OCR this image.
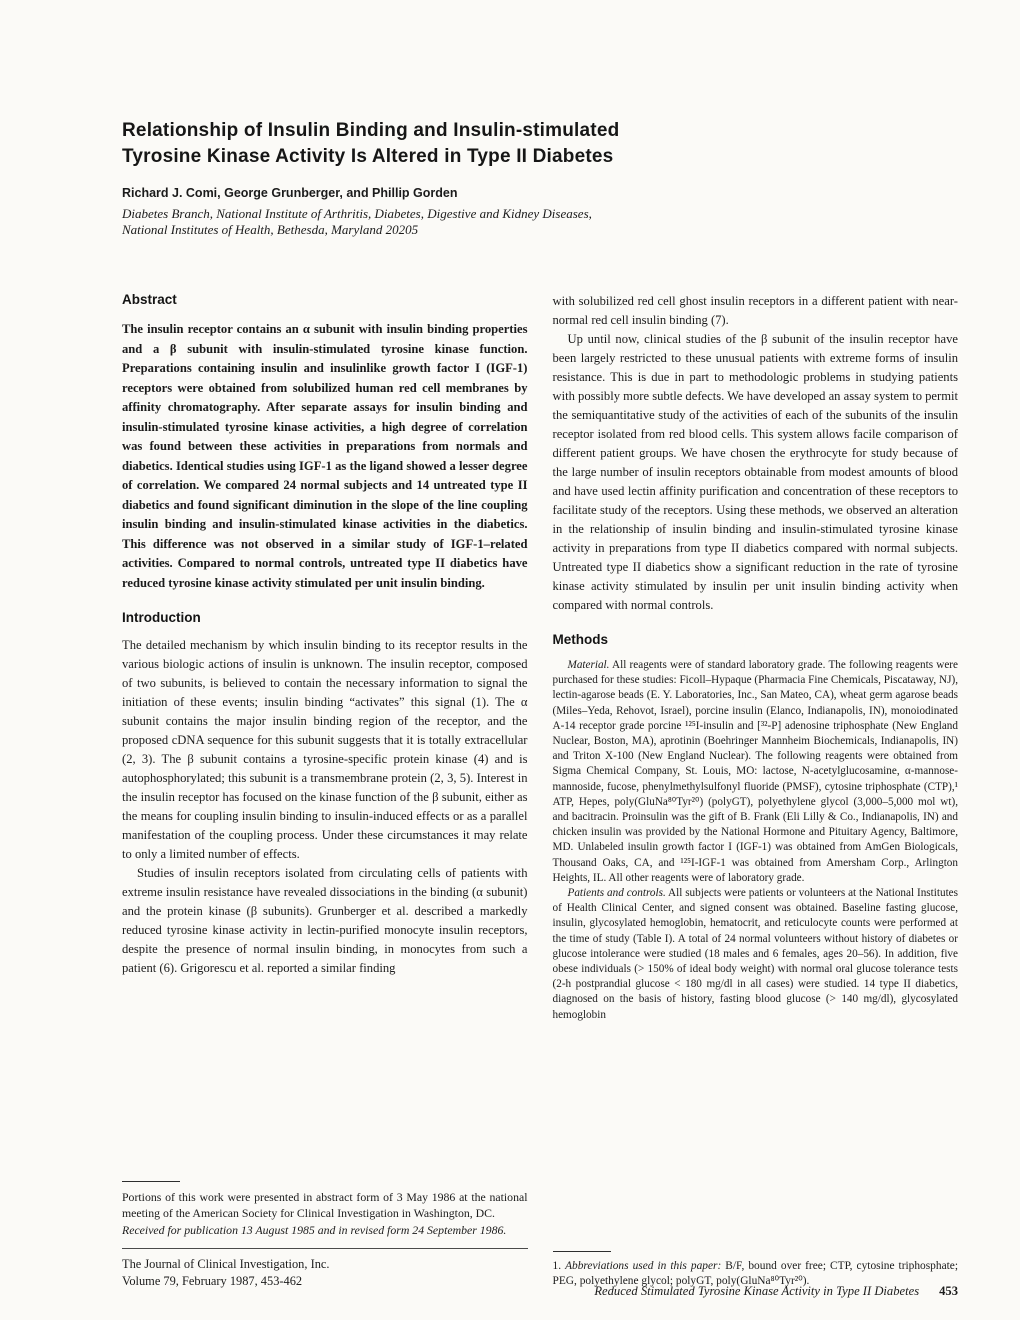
Relationship of Insulin Binding and Insulin-stimulated
Tyrosine Kinase Activity Is Altered in Type II Diabetes
Richard J. Comi, George Grunberger, and Phillip Gorden
Diabetes Branch, National Institute of Arthritis, Diabetes, Digestive and Kidney Diseases,
National Institutes of Health, Bethesda, Maryland 20205
Abstract

The insulin receptor contains an α subunit with insulin binding properties and a β subunit with insulin-stimulated tyrosine kinase function. Preparations containing insulin and insulinlike growth factor I (IGF-1) receptors were obtained from solubilized human red cell membranes by affinity chromatography. After separate assays for insulin binding and insulin-stimulated tyrosine kinase activities, a high degree of correlation was found between these activities in preparations from normals and diabetics. Identical studies using IGF-1 as the ligand showed a lesser degree of correlation. We compared 24 normal subjects and 14 untreated type II diabetics and found significant diminution in the slope of the line coupling insulin binding and insulin-stimulated kinase activities in the diabetics. This difference was not observed in a similar study of IGF-1–related activities. Compared to normal controls, untreated type II diabetics have reduced tyrosine kinase activity stimulated per unit insulin binding.

Introduction

The detailed mechanism by which insulin binding to its receptor results in the various biologic actions of insulin is unknown. The insulin receptor, composed of two subunits, is believed to contain the necessary information to signal the initiation of these events; insulin binding “activates” this signal (1). The α subunit contains the major insulin binding region of the receptor, and the proposed cDNA sequence for this subunit suggests that it is totally extracellular (2, 3). The β subunit contains a tyrosine-specific protein kinase (4) and is autophosphorylated; this subunit is a transmembrane protein (2, 3, 5). Interest in the insulin receptor has focused on the kinase function of the β subunit, either as the means for coupling insulin binding to insulin-induced effects or as a parallel manifestation of the coupling process. Under these circumstances it may relate to only a limited number of effects.

Studies of insulin receptors isolated from circulating cells of patients with extreme insulin resistance have revealed dissociations in the binding (α subunit) and the protein kinase (β subunits). Grunberger et al. described a markedly reduced tyrosine kinase activity in lectin-purified monocyte insulin receptors, despite the presence of normal insulin binding, in monocytes from such a patient (6). Grigorescu et al. reported a similar finding

Portions of this work were presented in abstract form of 3 May 1986 at the national meeting of the American Society for Clinical Investigation in Washington, DC.

Received for publication 13 August 1985 and in revised form 24 September 1986.

The Journal of Clinical Investigation, Inc.
Volume 79, February 1987, 453-462

with solubilized red cell ghost insulin receptors in a different patient with near-normal red cell insulin binding (7).

Up until now, clinical studies of the β subunit of the insulin receptor have been largely restricted to these unusual patients with extreme forms of insulin resistance. This is due in part to methodologic problems in studying patients with possibly more subtle defects. We have developed an assay system to permit the semiquantitative study of the activities of each of the subunits of the insulin receptor isolated from red blood cells. This system allows facile comparison of different patient groups. We have chosen the erythrocyte for study because of the large number of insulin receptors obtainable from modest amounts of blood and have used lectin affinity purification and concentration of these receptors to facilitate study of the receptors. Using these methods, we observed an alteration in the relationship of insulin binding and insulin-stimulated tyrosine kinase activity in preparations from type II diabetics compared with normal subjects. Untreated type II diabetics show a significant reduction in the rate of tyrosine kinase activity stimulated by insulin per unit insulin binding activity when compared with normal controls.

Methods

Material. All reagents were of standard laboratory grade. The following reagents were purchased for these studies: Ficoll–Hypaque (Pharmacia Fine Chemicals, Piscataway, NJ), lectin-agarose beads (E. Y. Laboratories, Inc., San Mateo, CA), wheat germ agarose beads (Miles–Yeda, Rehovot, Israel), porcine insulin (Elanco, Indianapolis, IN), monoiodinated A-14 receptor grade porcine ¹²⁵I-insulin and [³²-P] adenosine triphosphate (New England Nuclear, Boston, MA), aprotinin (Boehringer Mannheim Biochemicals, Indianapolis, IN) and Triton X-100 (New England Nuclear). The following reagents were obtained from Sigma Chemical Company, St. Louis, MO: lactose, N-acetylglucosamine, α-mannose-mannoside, fucose, phenylmethylsulfonyl fluoride (PMSF), cytosine triphosphate (CTP),¹ ATP, Hepes, poly(GluNa⁸⁰Tyr²⁰) (polyGT), polyethylene glycol (3,000–5,000 mol wt), and bacitracin. Proinsulin was the gift of B. Frank (Eli Lilly & Co., Indianapolis, IN) and chicken insulin was provided by the National Hormone and Pituitary Agency, Baltimore, MD. Unlabeled insulin growth factor I (IGF-1) was obtained from AmGen Biologicals, Thousand Oaks, CA, and ¹²⁵I-IGF-1 was obtained from Amersham Corp., Arlington Heights, IL. All other reagents were of laboratory grade.

Patients and controls. All subjects were patients or volunteers at the National Institutes of Health Clinical Center, and signed consent was obtained. Baseline fasting glucose, insulin, glycosylated hemoglobin, hematocrit, and reticulocyte counts were performed at the time of study (Table I). A total of 24 normal volunteers without history of diabetes or glucose intolerance were studied (18 males and 6 females, ages 20–56). In addition, five obese individuals (> 150% of ideal body weight) with normal oral glucose tolerance tests (2-h postprandial glucose < 180 mg/dl in all cases) were studied. 14 type II diabetics, diagnosed on the basis of history, fasting blood glucose (> 140 mg/dl), glycosylated hemoglobin

1. Abbreviations used in this paper: B/F, bound over free; CTP, cytosine triphosphate; PEG, polyethylene glycol; polyGT, poly(GluNa⁸⁰Tyr²⁰).

Reduced Stimulated Tyrosine Kinase Activity in Type II Diabetes 453
